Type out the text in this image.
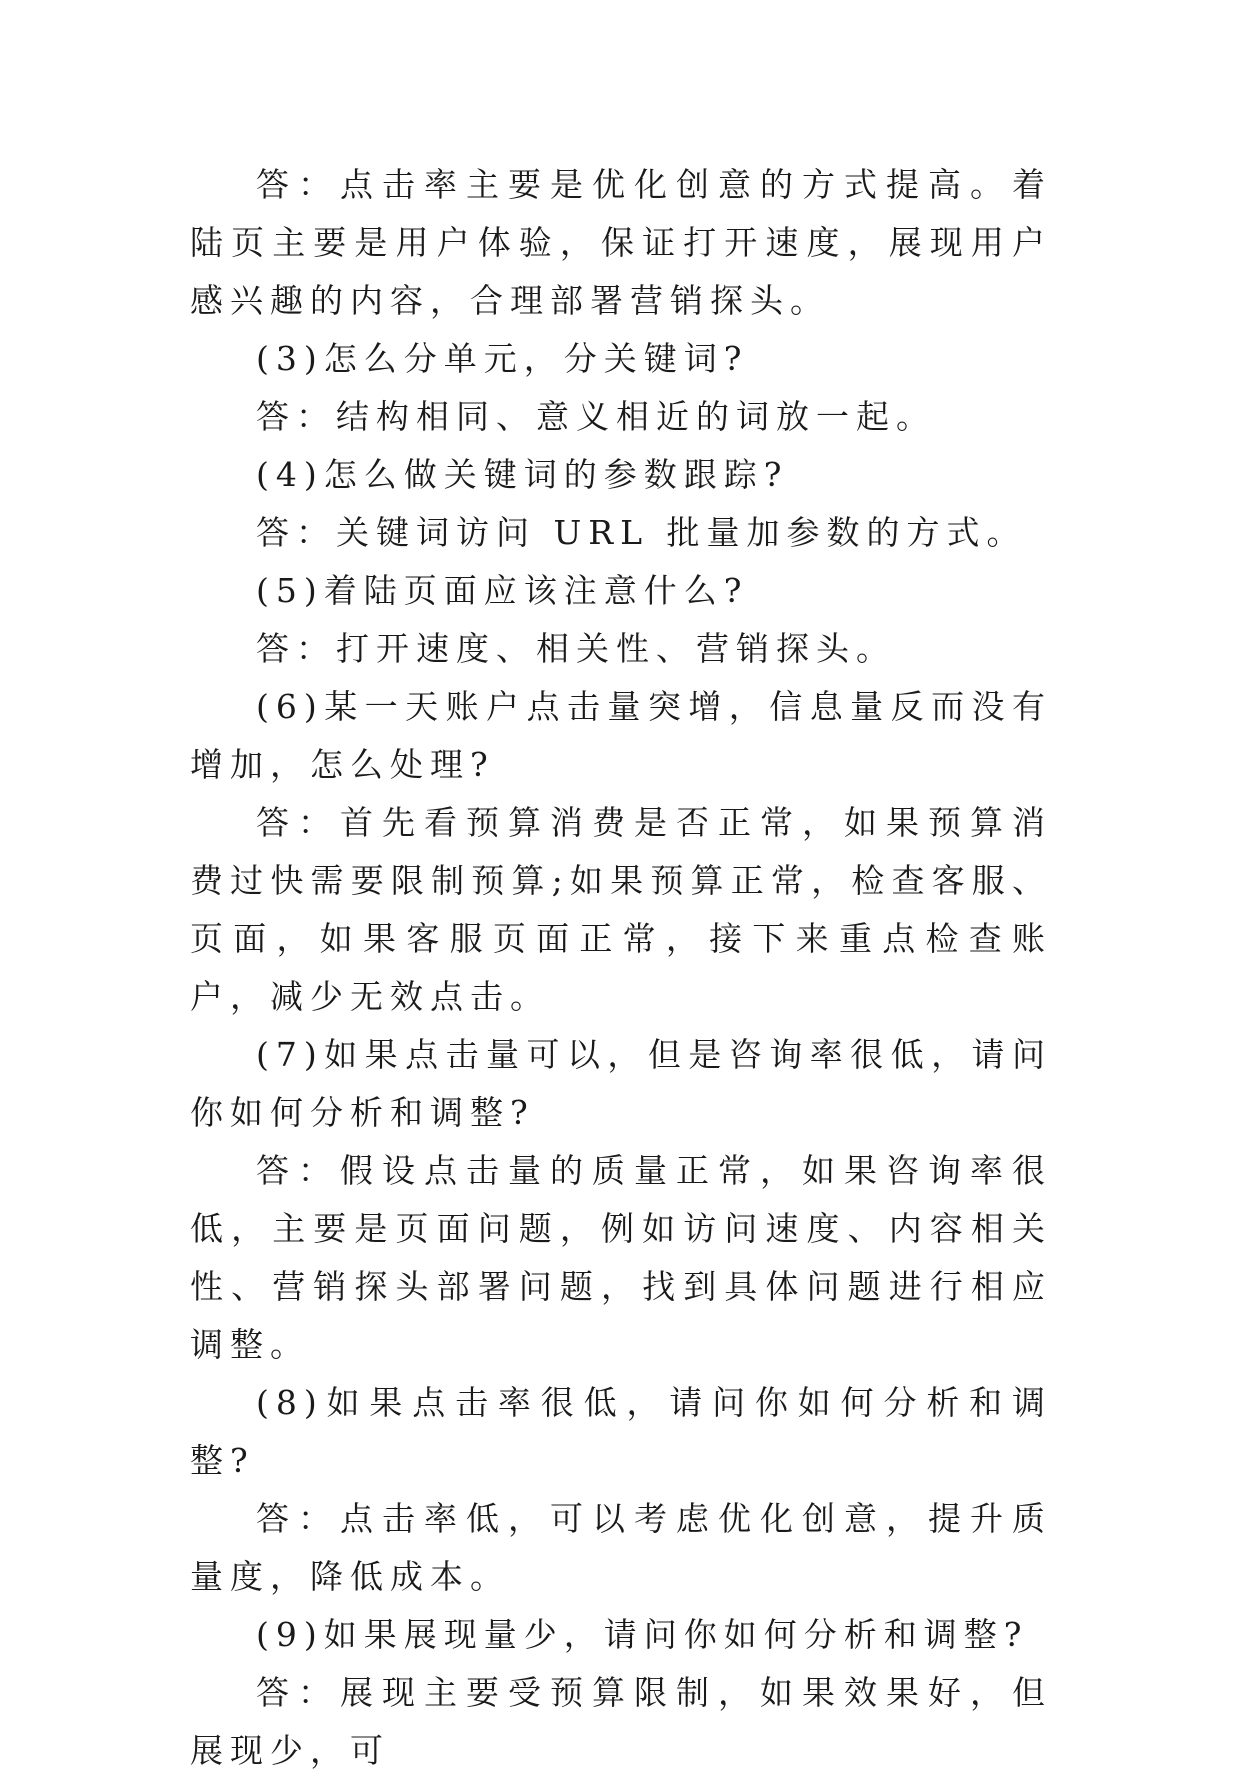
答：点击率主要是优化创意的方式提高。着陆页主要是用户体验，保证打开速度，展现用户感兴趣的内容，合理部署营销探头。

(3)怎么分单元，分关键词?

答：结构相同、意义相近的词放一起。

(4)怎么做关键词的参数跟踪?

答：关键词访问 URL 批量加参数的方式。

(5)着陆页面应该注意什么?

答：打开速度、相关性、营销探头。

(6)某一天账户点击量突增，信息量反而没有增加，怎么处理?

答：首先看预算消费是否正常，如果预算消费过快需要限制预算;如果预算正常，检查客服、页面，如果客服页面正常，接下来重点检查账户，减少无效点击。

(7)如果点击量可以，但是咨询率很低，请问你如何分析和调整?

答：假设点击量的质量正常，如果咨询率很低，主要是页面问题，例如访问速度、内容相关性、营销探头部署问题，找到具体问题进行相应调整。

(8)如果点击率很低，请问你如何分析和调整?

答：点击率低，可以考虑优化创意，提升质量度，降低成本。

(9)如果展现量少，请问你如何分析和调整?

答：展现主要受预算限制，如果效果好，但展现少，可
